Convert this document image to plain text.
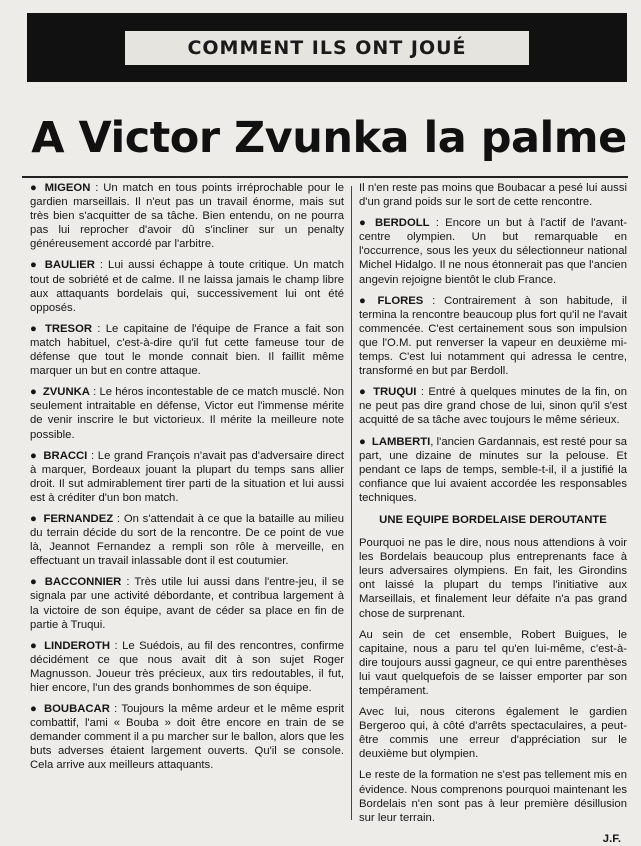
COMMENT ILS ONT JOUÉ
A Victor Zvunka la palme

● MIGEON : Un match en tous points irréprochable pour le gardien marseillais. Il n'eut pas un travail énorme, mais sut très bien s'acquitter de sa tâche. Bien entendu, on ne pourra pas lui reprocher d'avoir dû s'incliner sur un penalty généreusement accordé par l'arbitre.

● BAULIER : Lui aussi échappe à toute critique. Un match tout de sobriété et de calme. Il ne laissa jamais le champ libre aux attaquants bordelais qui, successivement lui ont été opposés.

● TRESOR : Le capitaine de l'équipe de France a fait son match habituel, c'est-à-dire qu'il fut cette fameuse tour de défense que tout le monde connait bien. Il faillit même marquer un but en contre attaque.

● ZVUNKA : Le héros incontestable de ce match musclé. Non seulement intraitable en défense, Victor eut l'immense mérite de venir inscrire le but victorieux. Il mérite la meilleure note possible.

● BRACCI : Le grand François n'avait pas d'adversaire direct à marquer, Bordeaux jouant la plupart du temps sans allier droit. Il sut admirablement tirer parti de la situation et lui aussi est à créditer d'un bon match.

● FERNANDEZ : On s'attendait à ce que la bataille au milieu du terrain décide du sort de la rencontre. De ce point de vue là, Jeannot Fernandez a rempli son rôle à merveille, en effectuant un travail inlassable dont il est coutumier.

● BACCONNIER : Très utile lui aussi dans l'entre-jeu, il se signala par une activité débordante, et contribua largement à la victoire de son équipe, avant de céder sa place en fin de partie à Truqui.

● LINDEROTH : Le Suédois, au fil des rencontres, confirme décidément ce que nous avait dit à son sujet Roger Magnusson. Joueur très précieux, aux tirs redoutables, il fut, hier encore, l'un des grands bonhommes de son équipe.

● BOUBACAR : Toujours la même ardeur et le même esprit combattif, l'ami « Bouba » doit être encore en train de se demander comment il a pu marcher sur le ballon, alors que les buts adverses étaient largement ouverts. Qu'il se console. Cela arrive aux meilleurs attaquants.

Il n'en reste pas moins que Boubacar a pesé lui aussi d'un grand poids sur le sort de cette rencontre.

● BERDOLL : Encore un but à l'actif de l'avant-centre olympien. Un but remarquable en l'occurrence, sous les yeux du sélectionneur national Michel Hidalgo. Il ne nous étonnerait pas que l'ancien angevin rejoigne bientôt le club France.

● FLORES : Contrairement à son habitude, il termina la rencontre beaucoup plus fort qu'il ne l'avait commencée. C'est certainement sous son impulsion que l'O.M. put renverser la vapeur en deuxième mi-temps. C'est lui notamment qui adressa le centre, transformé en but par Berdoll.

● TRUQUI : Entré à quelques minutes de la fin, on ne peut pas dire grand chose de lui, sinon qu'il s'est acquitté de sa tâche avec toujours le même sérieux.

● LAMBERTI, l'ancien Gardannais, est resté pour sa part, une dizaine de minutes sur la pelouse. Et pendant ce laps de temps, semble-t-il, il a justifié la confiance que lui avaient accordée les responsables techniques.

UNE EQUIPE BORDELAISE DEROUTANTE

Pourquoi ne pas le dire, nous nous attendions à voir les Bordelais beaucoup plus entreprenants face à leurs adversaires olympiens. En fait, les Girondins ont laissé la plupart du temps l'initiative aux Marseillais, et finalement leur défaite n'a pas grand chose de surprenant.

Au sein de cet ensemble, Robert Buigues, le capitaine, nous a paru tel qu'en lui-même, c'est-à-dire toujours aussi gagneur, ce qui entre parenthèses lui vaut quelquefois de se laisser emporter par son tempérament.

Avec lui, nous citerons également le gardien Bergeroo qui, à côté d'arrêts spectaculaires, a peut-être commis une erreur d'appréciation sur le deuxième but olympien.

Le reste de la formation ne s'est pas tellement mis en évidence. Nous comprenons pourquoi maintenant les Bordelais n'en sont pas à leur première désillusion sur leur terrain.

J.F.
